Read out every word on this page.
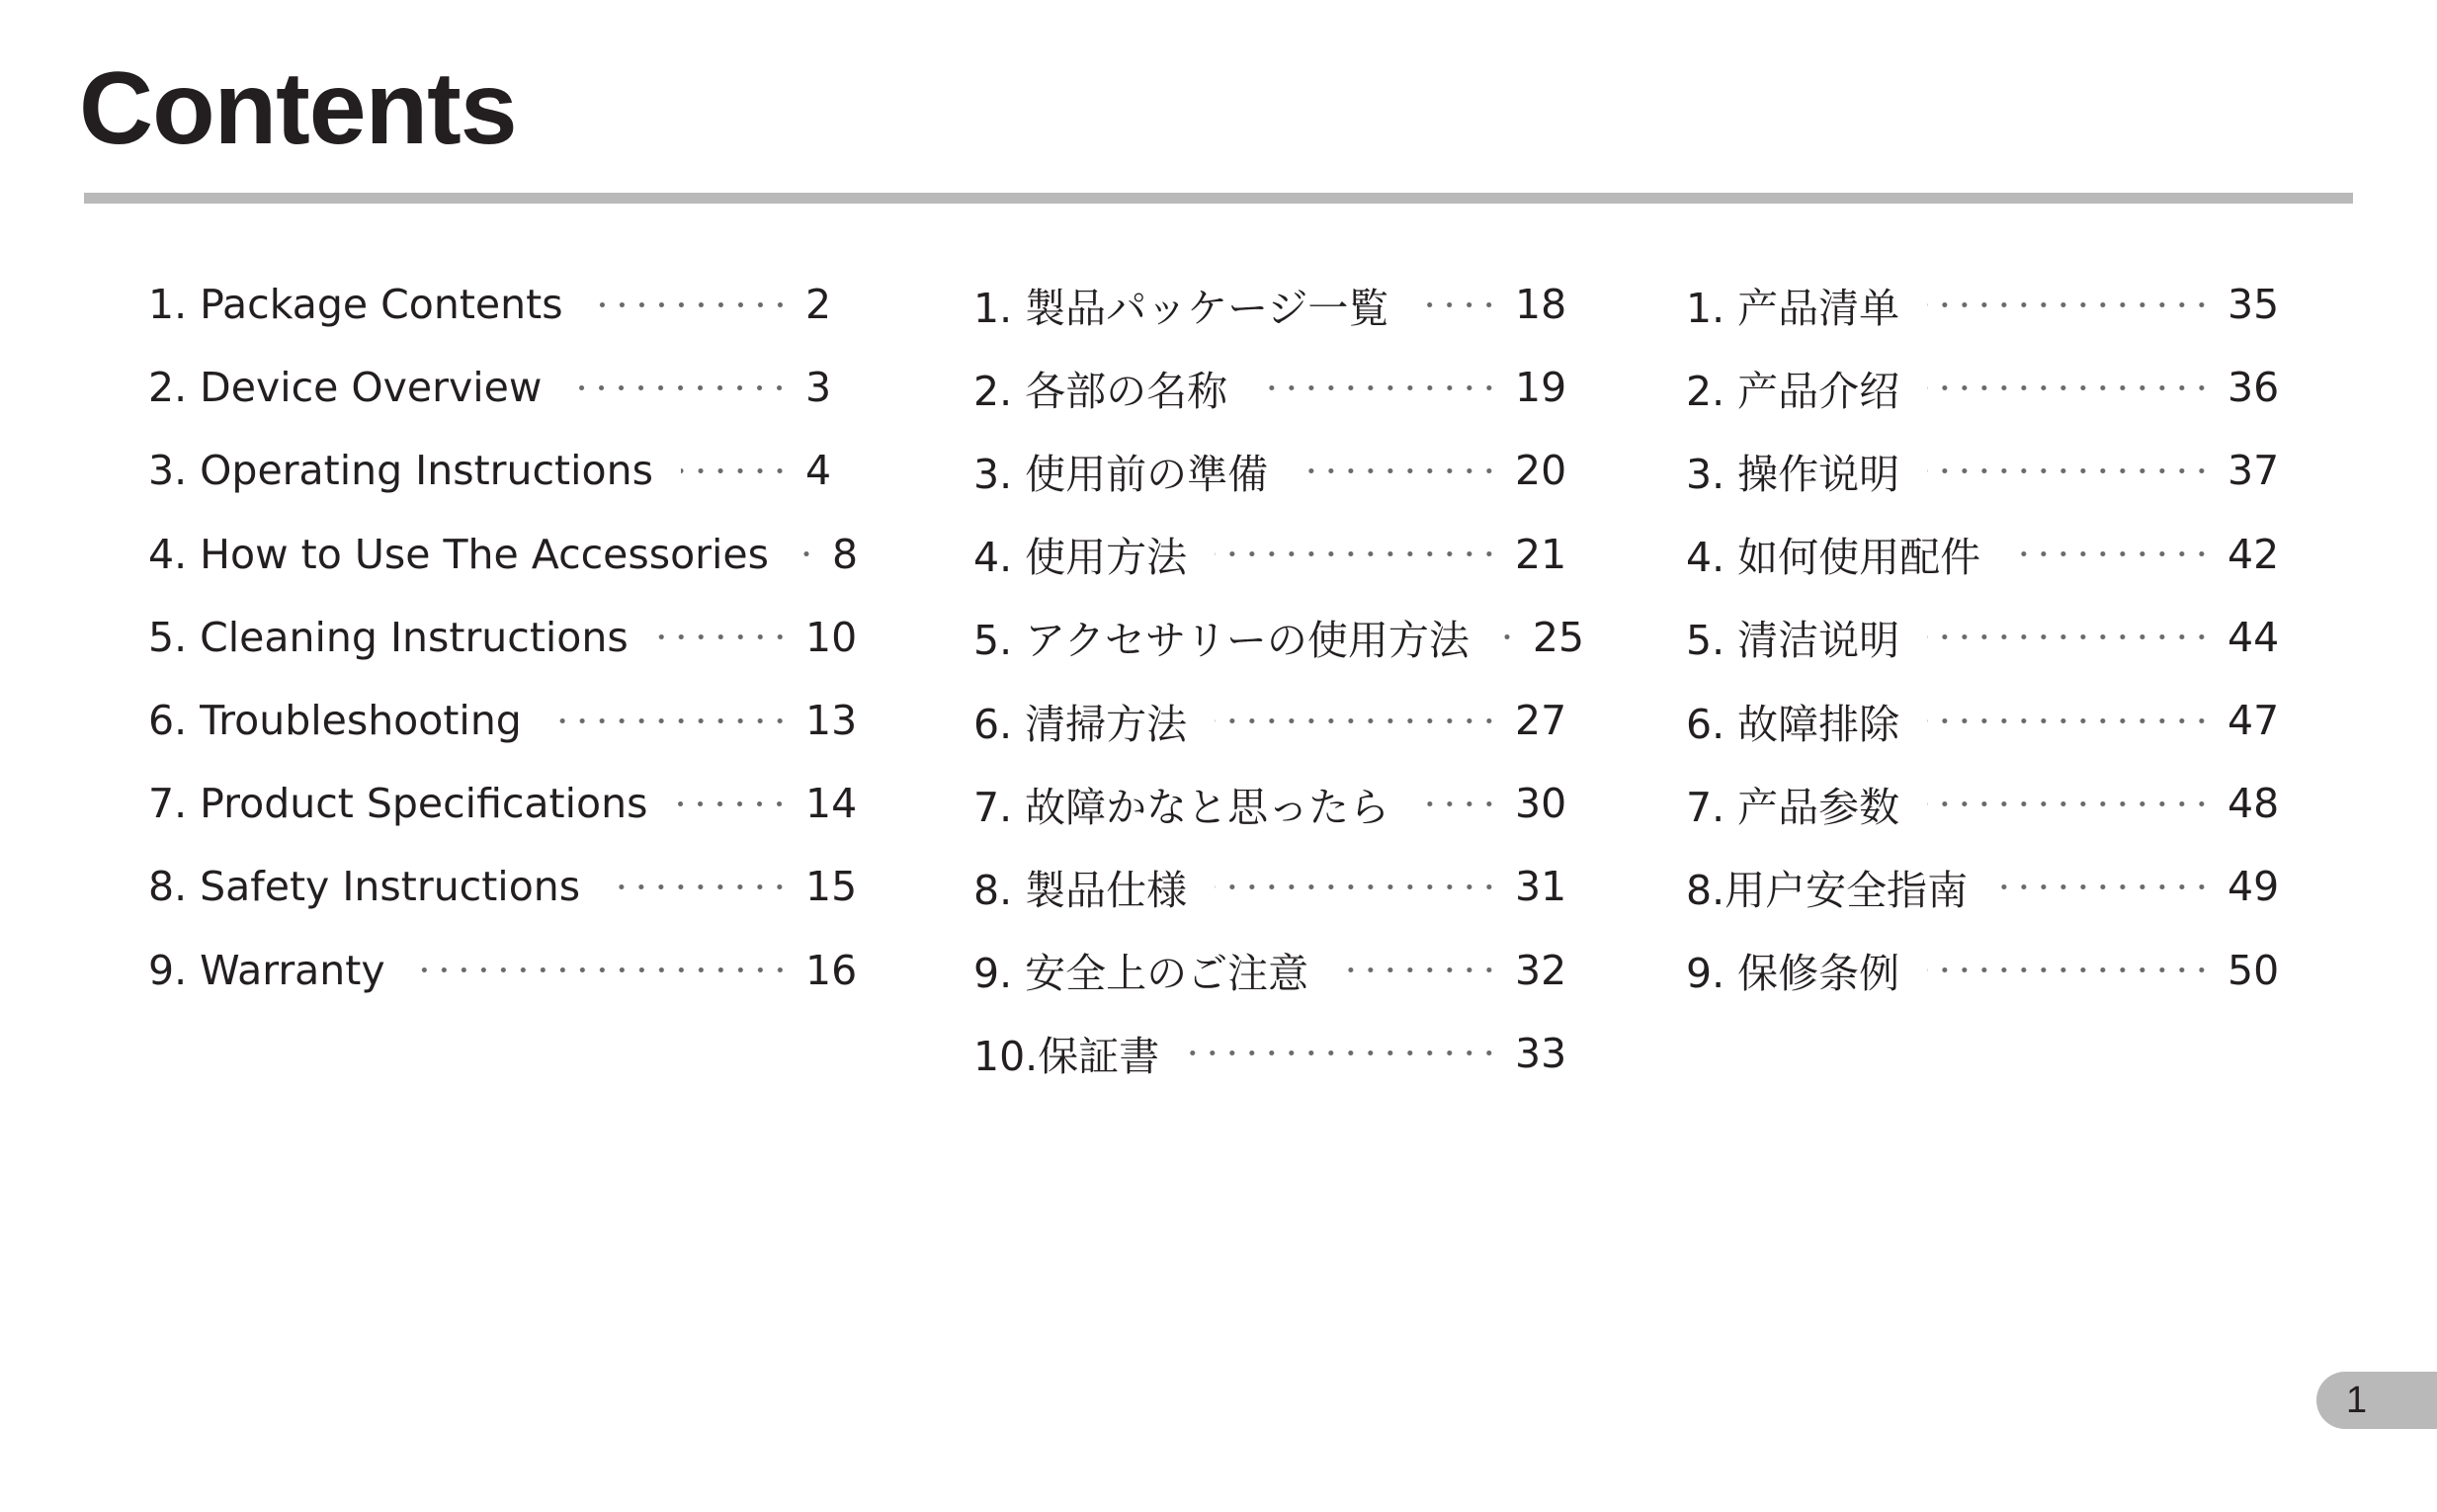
Contents
1. Package Contents	2
2. Device Overview	3
3. Operating Instructions	4
4. How to Use The Accessories 8
5. Cleaning Instructions	10
6. Troubleshooting	13
7. Product Specifications	14
8. Safety Instructions	15
9. Warranty	16
1. 製品パッケージ一覧	18
2. 各部の名称	19
3. 使用前の準備	20
4. 使用方法	21
5. アクセサリーの使用方法 25
6. 清掃方法	27
7. 故障かなと思ったら	30
8. 製品仕様	31
9. 安全上のご注意	32
10.保証書	33
1. 产品清单	35
2. 产品介绍	36
3. 操作说明	37
4. 如何使用配件	42
5. 清洁说明	44
6. 故障排除	47
7. 产品参数	48
8.用户安全指南	49
9. 保修条例	50
1
